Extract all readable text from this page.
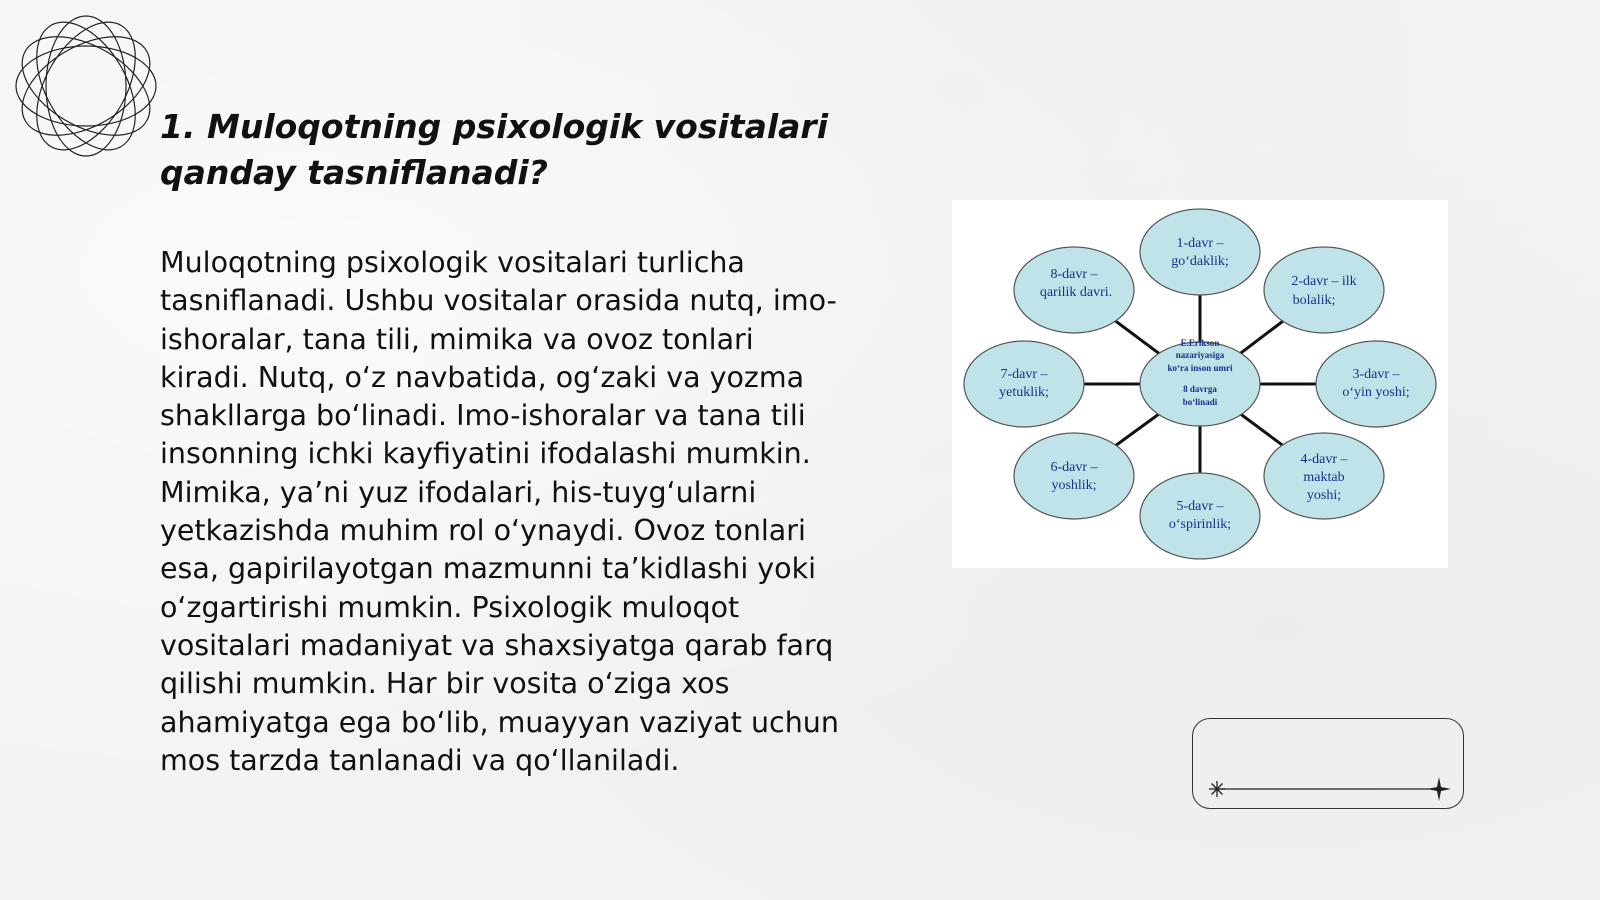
1. Muloqotning psixologik vositalari qanday tasniflanadi?

Muloqotning psixologik vositalari turlicha tasniflanadi. Ushbu vositalar orasida nutq, imo-ishoralar, tana tili, mimika va ovoz tonlari kiradi. Nutq, o‘z navbatida, og‘zaki va yozma shakllarga bo‘linadi. Imo-ishoralar va tana tili insonning ichki kayfiyatini ifodalashi mumkin. Mimika, ya’ni yuz ifodalari, his-tuyg‘ularni yetkazishda muhim rol o‘ynaydi. Ovoz tonlari esa, gapirilayotgan mazmunni ta’kidlashi yoki o‘zgartirishi mumkin. Psixologik muloqot vositalari madaniyat va shaxsiyatga qarab farq qilishi mumkin. Har bir vosita o‘ziga xos ahamiyatga ega bo‘lib, muayyan vaziyat uchun mos tarzda tanlanadi va qo‘llaniladi.

E.Erikson
nazariyasiga
ko‘ra inson umri
8 davrga
bo‘linadi
1-davr –
go‘daklik;
2-davr – ilk
bolalik;
3-davr –
o‘yin yoshi;
4-davr –
maktab
yoshi;
5-davr –
o‘spirinlik;
6-davr –
yoshlik;
7-davr –
yetuklik;
8-davr –
qarilik davri.
